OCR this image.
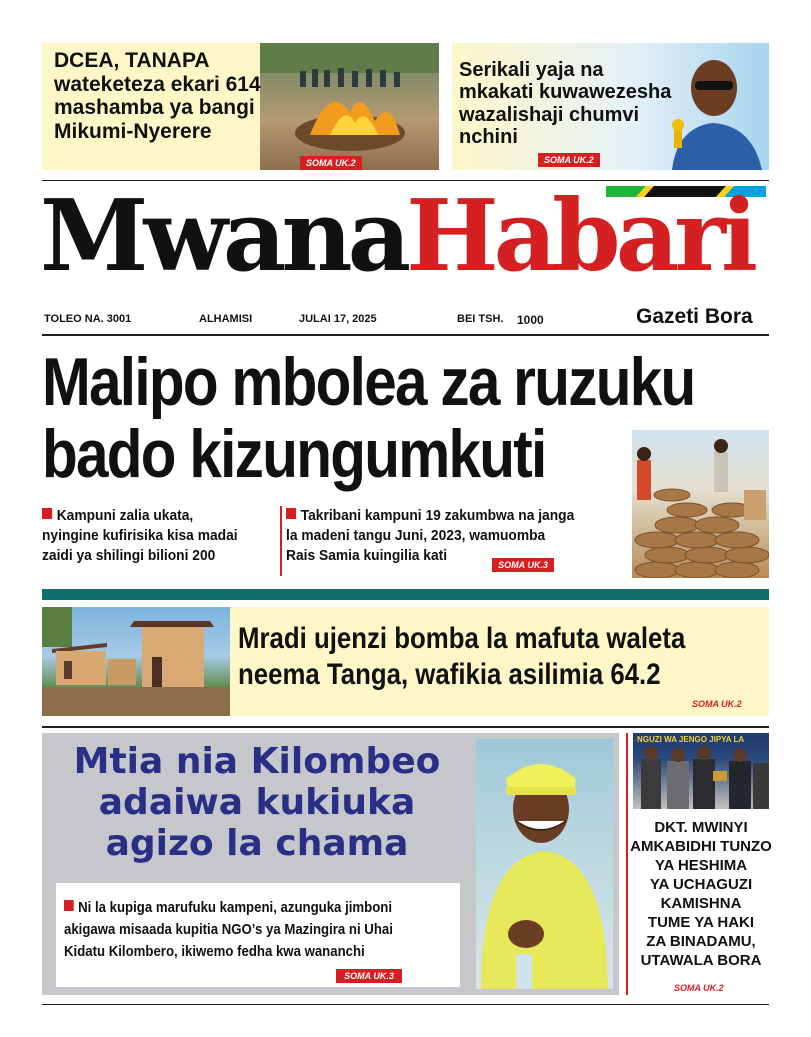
DCEA, TANAPA
wateketeza ekari 614
mashamba ya bangi
Mikumi-Nyerere
SOMA UK.2
Serikali yaja na
mkakati kuwawezesha
wazalishaji chumvi
nchini
SOMA UK.2
MwanaHabari
TOLEO NA. 3001	ALHAMISI	JULAI 17, 2025	BEI TSH. 1000	Gazeti Bora
Malipo mbolea za ruzuku
bado kizungumkuti
Kampuni zalia ukata,
nyingine kufirisika kisa madai
zaidi ya shilingi bilioni 200
Takribani kampuni 19 zakumbwa na janga
la madeni tangu Juni, 2023, wamuomba
Rais Samia kuingilia kati
SOMA UK.3
Mradi ujenzi bomba la mafuta waleta
neema Tanga, wafikia asilimia 64.2
SOMA UK.2
Mtia nia Kilombeo
adaiwa kukiuka
agizo la chama
Ni la kupiga marufuku kampeni, azunguka jimboni
akigawa misaada kupitia NGO’s ya Mazingira ni Uhai
Kidatu Kilombero, ikiwemo fedha kwa wananchi
SOMA UK.3
NGUZI WA JENGO JIPYA LA
DKT. MWINYI
AMKABIDHI TUNZO
YA HESHIMA
YA UCHAGUZI
KAMISHNA
TUME YA HAKI
ZA BINADAMU,
UTAWALA BORA
SOMA UK.2
